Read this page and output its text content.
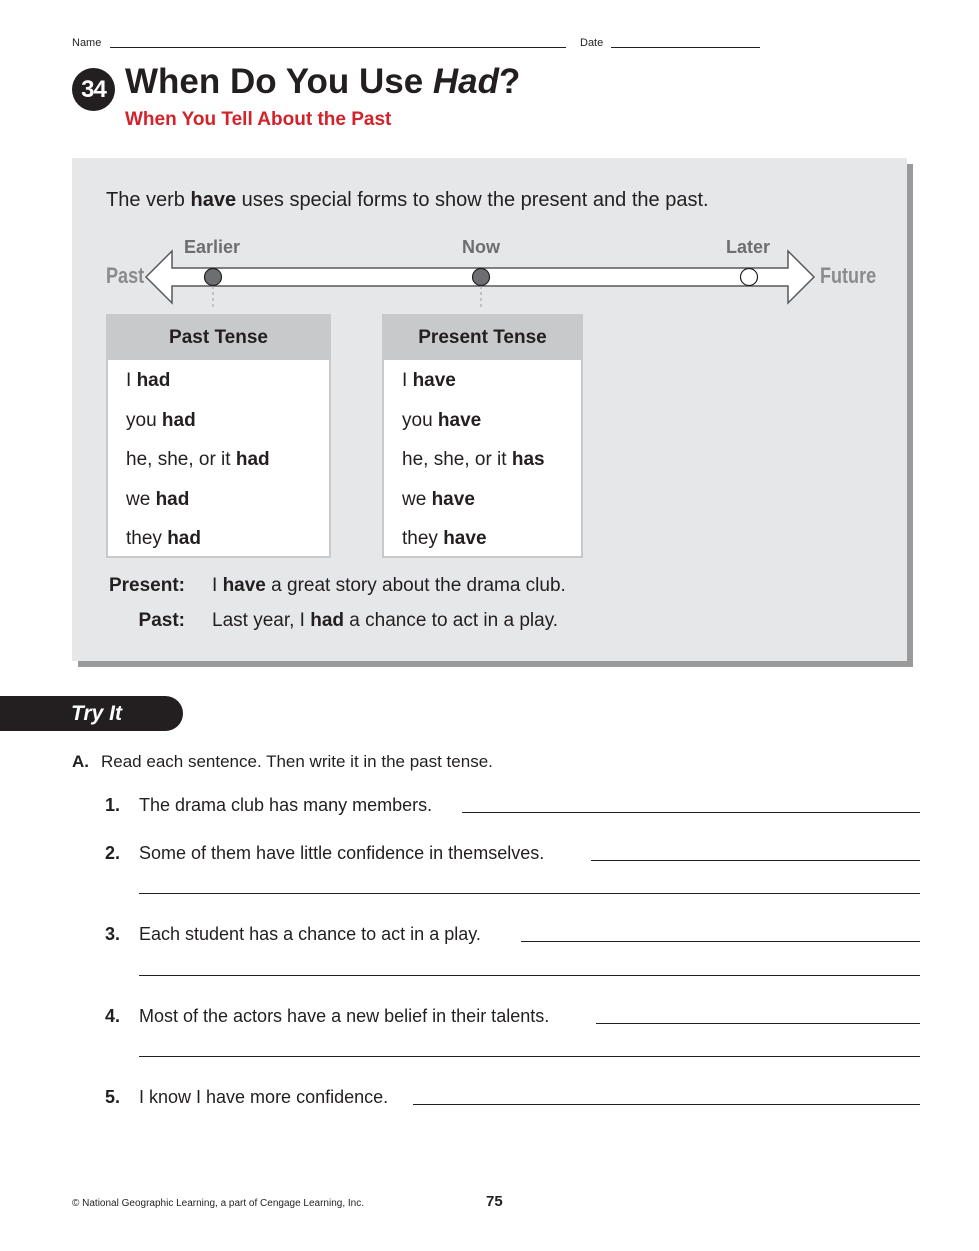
Name	Date
34 When Do You Use Had?
When You Tell About the Past
The verb have uses special forms to show the present and the past.
Past	Future
Earlier	Now	Later
Past Tense
I had
you had
he, she, or it had
we had
they had
Present Tense
I have
you have
he, she, or it has
we have
they have
Present: I have a great story about the drama club.
Past: Last year, I had a chance to act in a play.
Try It
A. Read each sentence. Then write it in the past tense.
1. The drama club has many members.
2. Some of them have little confidence in themselves.
3. Each student has a chance to act in a play.
4. Most of the actors have a new belief in their talents.
5. I know I have more confidence.
© National Geographic Learning, a part of Cengage Learning, Inc.	75
